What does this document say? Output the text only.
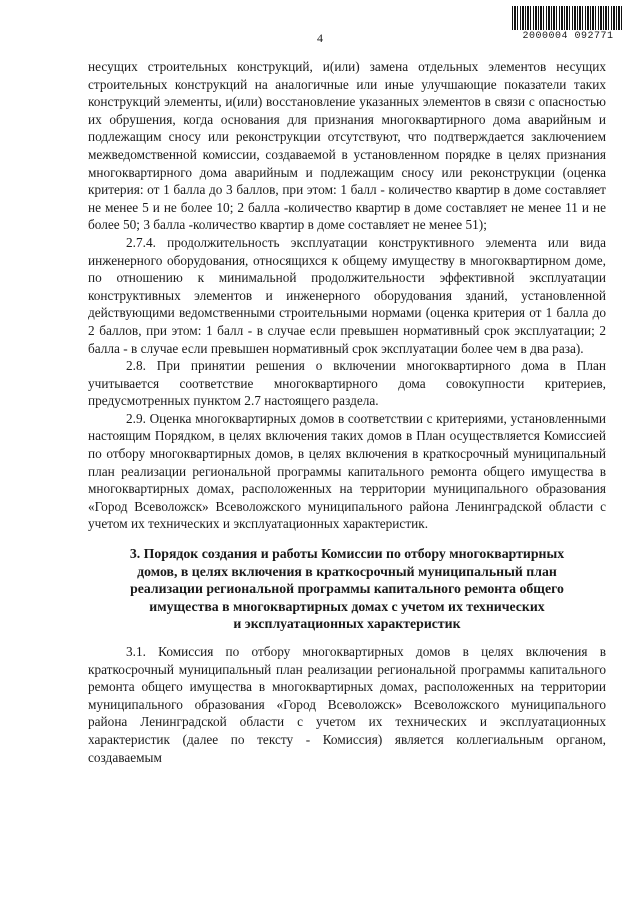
4	2000004 092771

несущих строительных конструкций, и(или) замена отдельных элементов несущих строительных конструкций на аналогичные или иные улучшающие показатели таких конструкций элементы, и(или) восстановление указанных элементов в связи с опасностью их обрушения, когда основания для признания многоквартирного дома аварийным и подлежащим сносу или реконструкции отсутствуют, что подтверждается заключением межведомственной комиссии, создаваемой в установленном порядке в целях признания многоквартирного дома аварийным и подлежащим сносу или реконструкции (оценка критерия: от 1 балла до 3 баллов, при этом: 1 балл - количество квартир в доме составляет не менее 5 и не более 10; 2 балла -количество квартир в доме составляет не менее 11 и не более 50; 3 балла -количество квартир в доме составляет не менее 51);

2.7.4. продолжительность эксплуатации конструктивного элемента или вида инженерного оборудования, относящихся к общему имуществу в многоквартирном доме, по отношению к минимальной продолжительности эффективной эксплуатации конструктивных элементов и инженерного оборудования зданий, установленной действующими ведомственными строительными нормами (оценка критерия от 1 балла до 2 баллов, при этом: 1 балл - в случае если превышен нормативный срок эксплуатации; 2 балла - в случае если превышен нормативный срок эксплуатации более чем в два раза).

2.8. При принятии решения о включении многоквартирного дома в План учитывается соответствие многоквартирного дома совокупности критериев, предусмотренных пунктом 2.7 настоящего раздела.

2.9. Оценка многоквартирных домов в соответствии с критериями, установленными настоящим Порядком, в целях включения таких домов в План осуществляется Комиссией по отбору многоквартирных домов, в целях включения в краткосрочный муниципальный план реализации региональной программы капитального ремонта общего имущества в многоквартирных домах, расположенных на территории муниципального образования «Город Всеволожск» Всеволожского муниципального района Ленинградской области с учетом их технических и эксплуатационных характеристик.

3. Порядок создания и работы Комиссии по отбору многоквартирных
домов, в целях включения в краткосрочный муниципальный план
реализации региональной программы капитального ремонта общего
имущества в многоквартирных домах с учетом их технических
и эксплуатационных характеристик

3.1. Комиссия по отбору многоквартирных домов в целях включения в краткосрочный муниципальный план реализации региональной программы капитального ремонта общего имущества в многоквартирных домах, расположенных на территории муниципального образования «Город Всеволожск» Всеволожского муниципального района Ленинградской области с учетом их технических и эксплуатационных характеристик (далее по тексту - Комиссия) является коллегиальным органом, создаваемым
